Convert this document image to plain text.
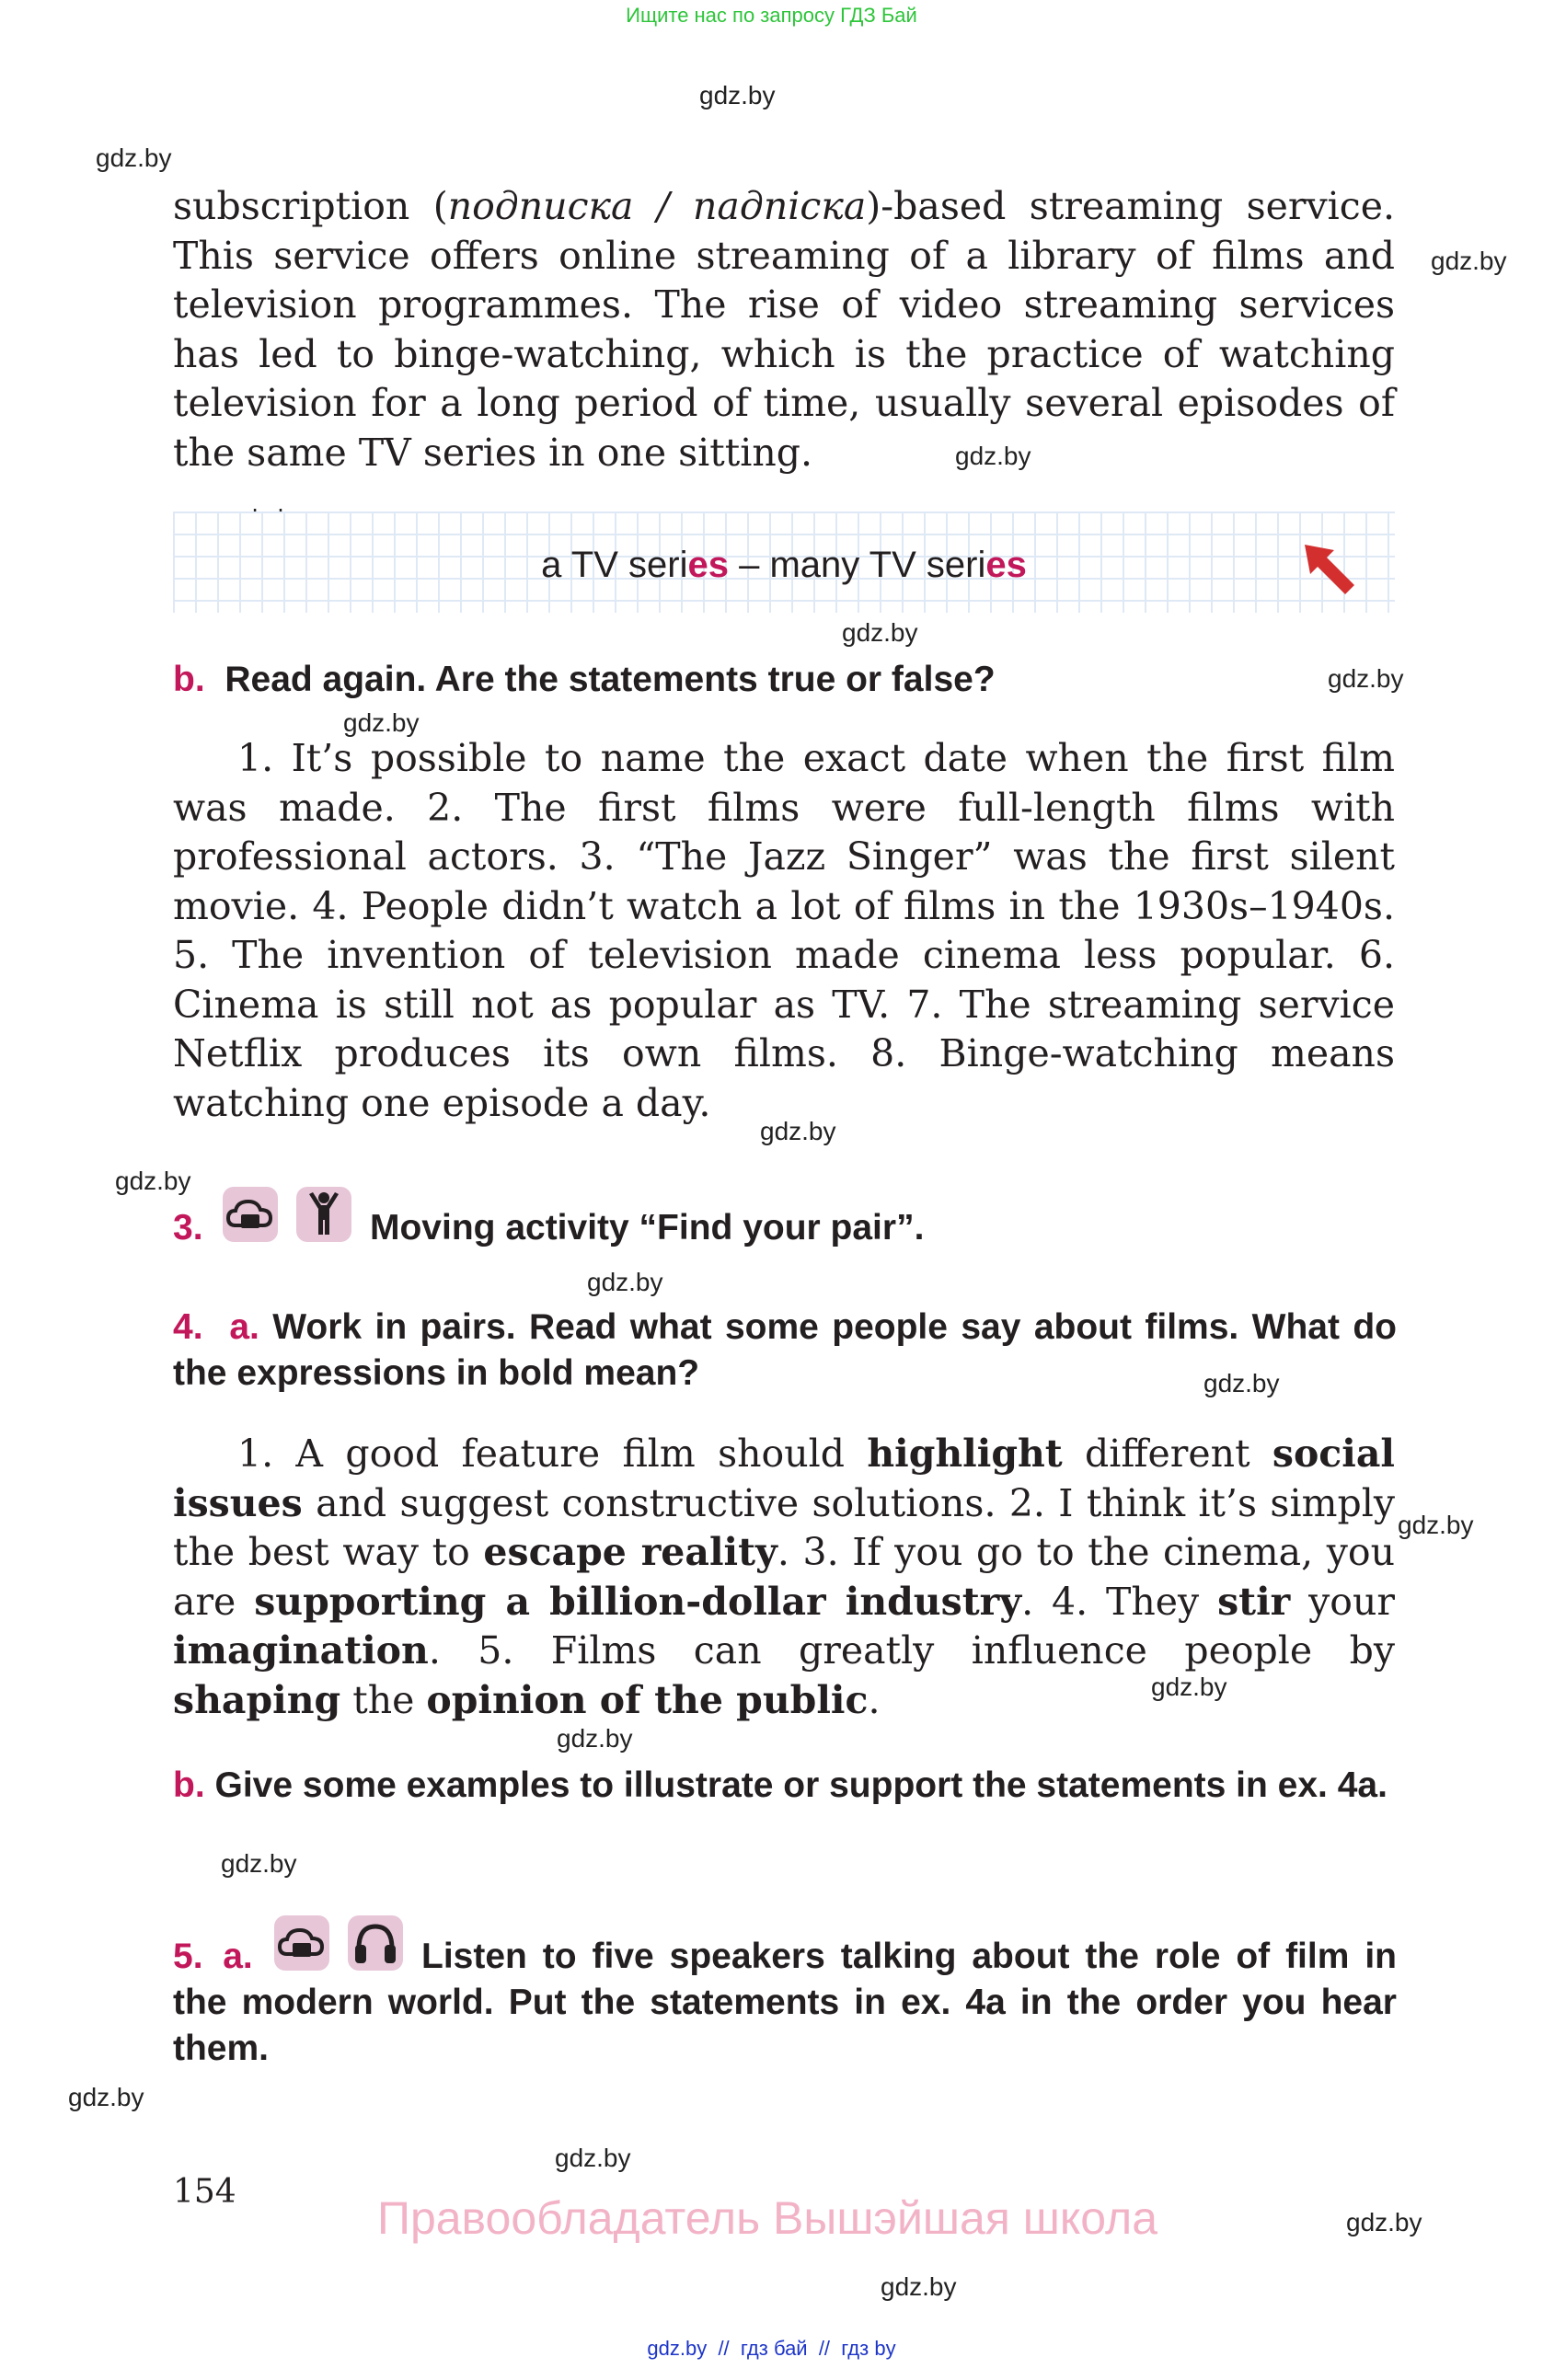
Ищите нас по запросу ГДЗ Бай
gdz.by
gdz.by
gdz.by
gdz.by
gdz.by
gdz.by
gdz.by
gdz.by
gdz.by
gdz.by
gdz.by
gdz.by
gdz.by
gdz.by
gdz.by
gdz.by
gdz.by
gdz.by
gdz.by
subscription (подписка / падпіска)-based streaming service. This service offers online streaming of a library of films and television programmes. The rise of video streaming services has led to binge-watching, which is the practice of watching television for a long period of time, usually several episodes of the same TV series in one sitting.
a TV series – many TV series
b. Read again. Are the statements true or false?
1. It’s possible to name the exact date when the first film was made. 2. The first films were full-length films with professional actors. 3. “The Jazz Singer” was the first silent movie. 4. People didn’t watch a lot of films in the 1930s–1940s. 5. The invention of television made cinema less popular. 6. Cinema is still not as popular as TV. 7. The streaming service Netflix produces its own films. 8. Binge-watching means watching one episode a day.
3.	Moving activity “Find your pair”.
4. a. Work in pairs. Read what some people say about films. What do the expressions in bold mean?
1. A good feature film should highlight different social issues and suggest constructive solutions. 2. I think it’s simply the best way to escape reality. 3. If you go to the cinema, you are supporting a billion-dollar industry. 4. They stir your imagination. 5. Films can greatly influence people by shaping the opinion of the public.
b. Give some examples to illustrate or support the statements in ex. 4a.
5. a.	Listen to five speakers talking about the role of film in the modern world. Put the statements in ex. 4a in the order you hear them.
154
Правообладатель Вышэйшая школа
gdz.by  //  гдз бай  //  гдз by
